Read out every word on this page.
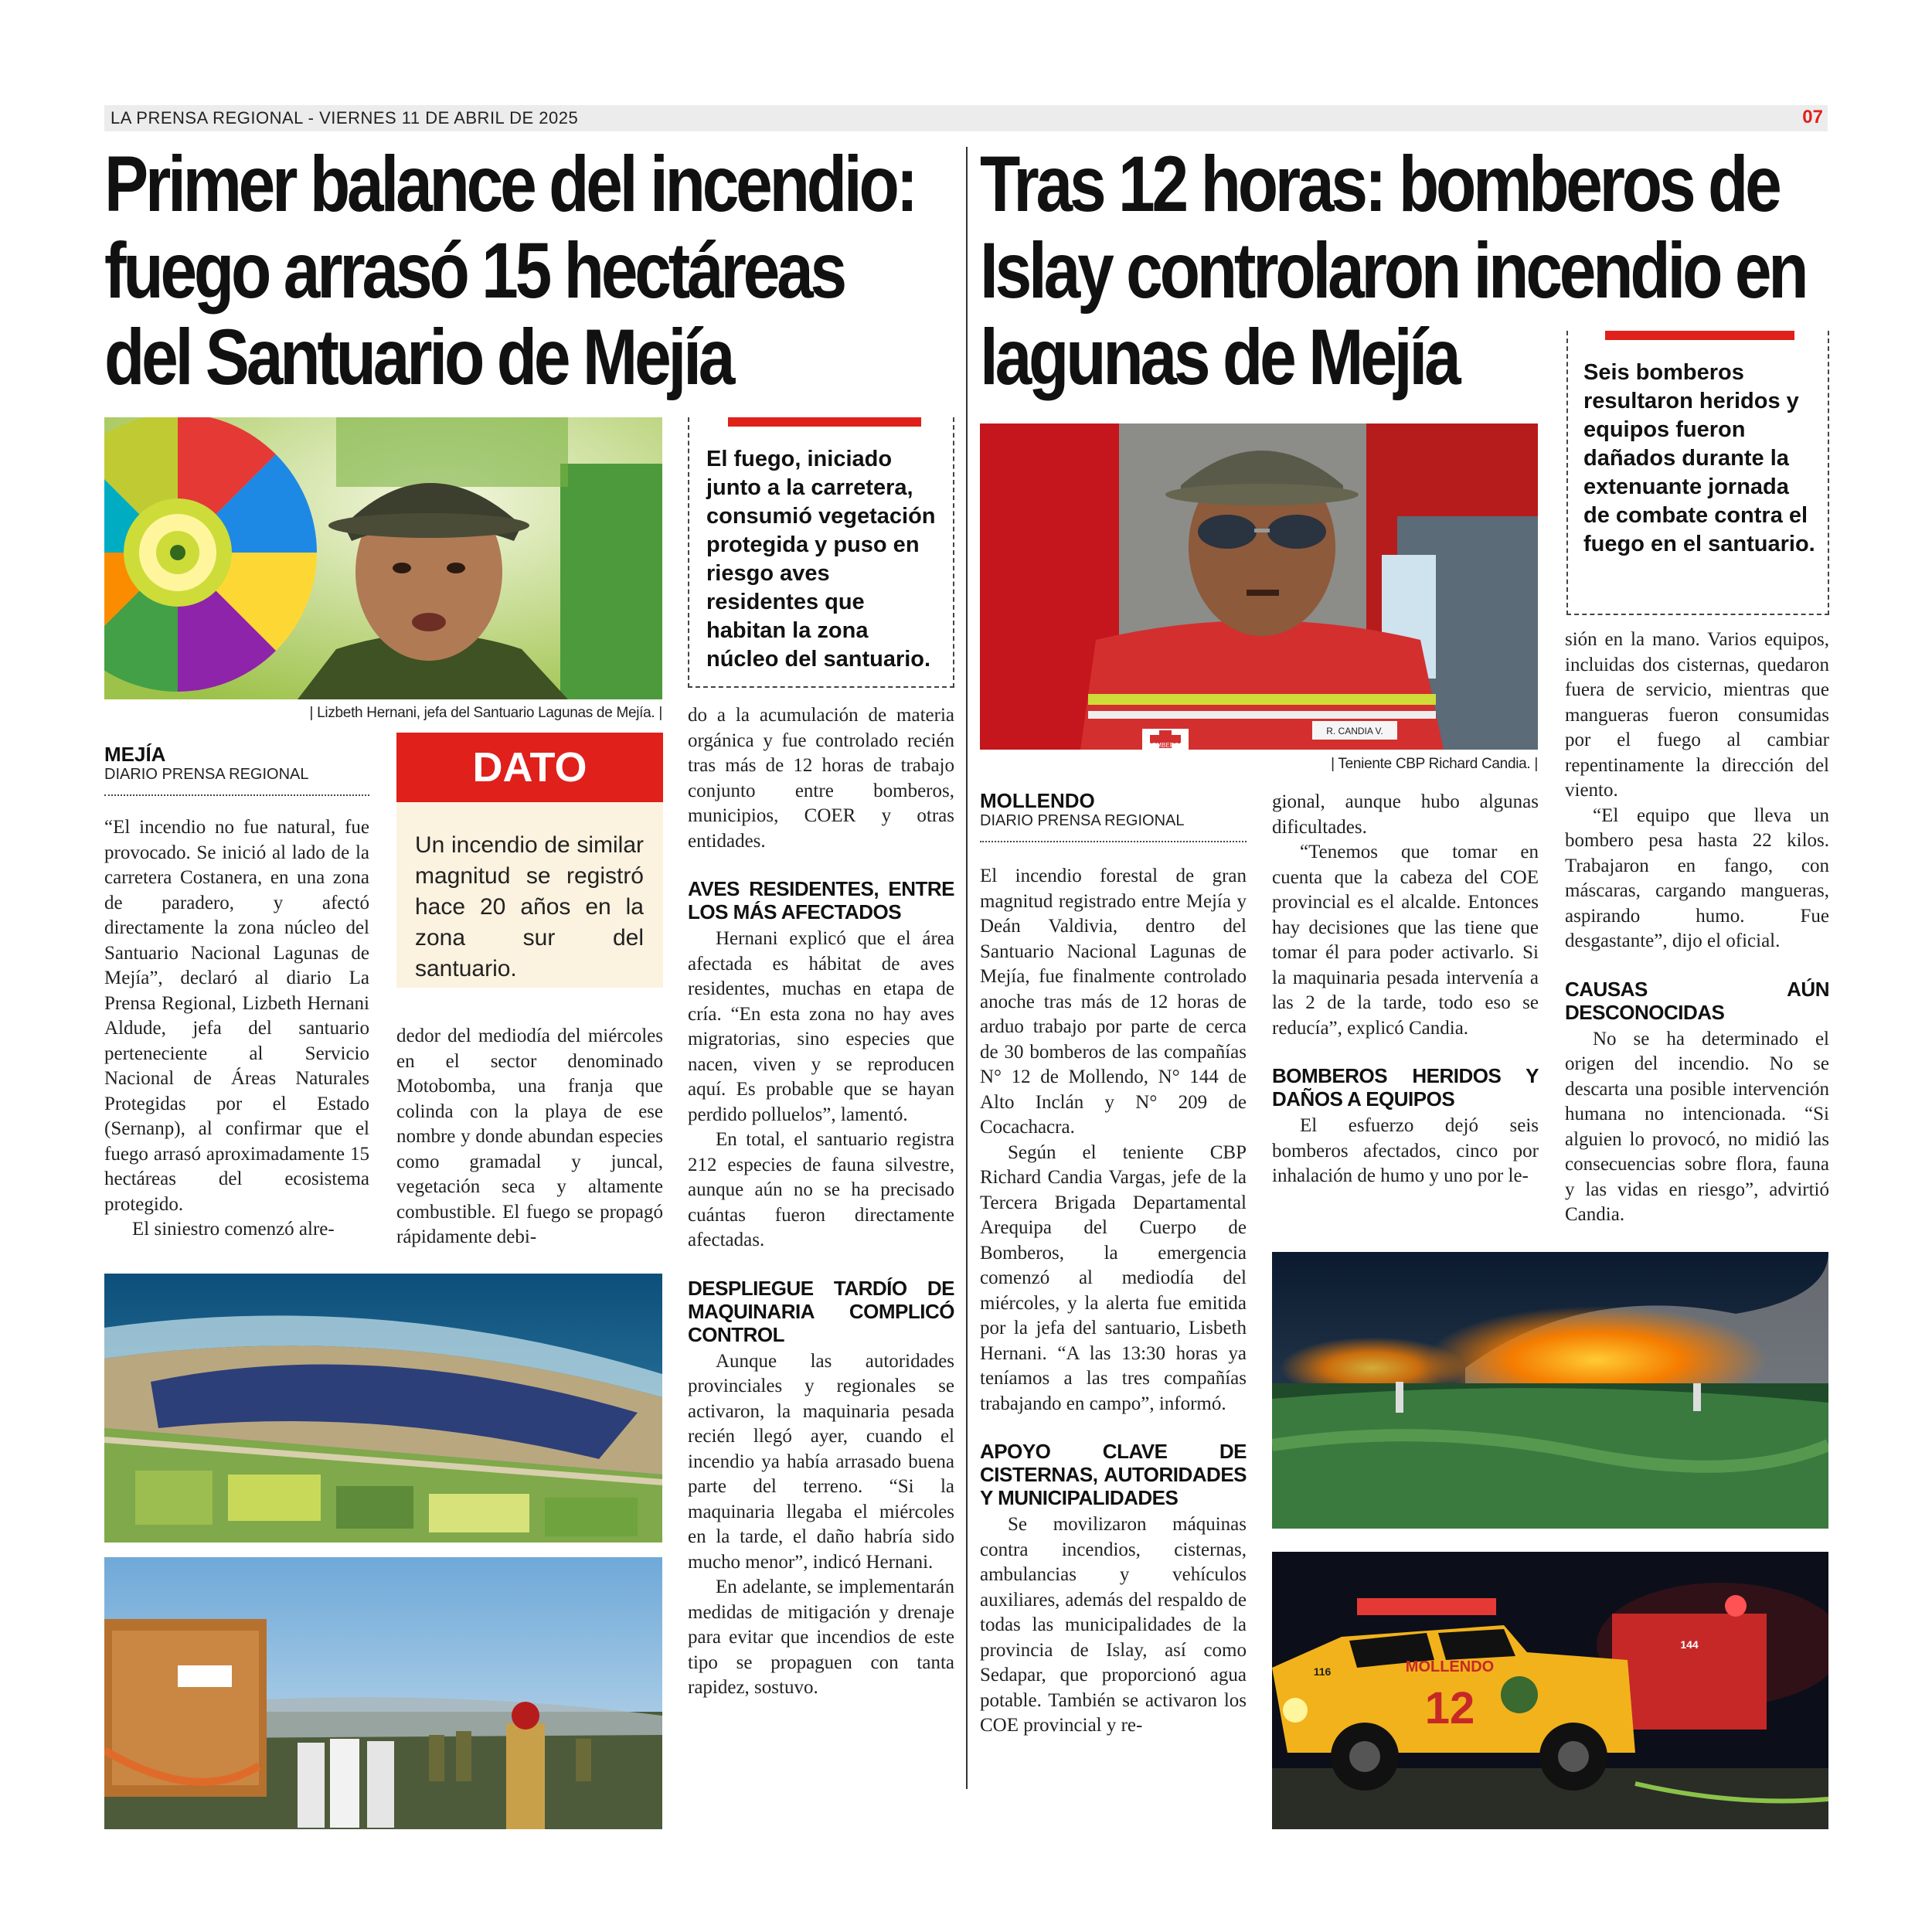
LA PRENSA REGIONAL - VIERNES 11 DE ABRIL DE 2025	07
Primer balance del incendio:
fuego arrasó 15 hectáreas
del Santuario de Mejía
Tras 12 horas: bomberos de
Islay controlaron incendio en
lagunas de Mejía
| Lizbeth Hernani, jefa del Santuario Lagunas de Mejía. |
El fuego, iniciado junto a la carretera, consumió vegetación protegida y puso en riesgo aves residentes que habitan la zona núcleo del santuario.
MEJÍA
DIARIO PRENSA REGIONAL

“El incendio no fue natural, fue provocado. Se inició al lado de la carretera Costanera, en una zona de paradero, y afectó directamente la zona núcleo del Santuario Nacional Lagunas de Mejía”, declaró al diario La Prensa Regional, Lizbeth Hernani Aldude, jefa del santuario perteneciente al Servicio Nacional de Áreas Naturales Protegidas por el Estado (Sernanp), al confirmar que el fuego arrasó aproximadamente 15 hectáreas del ecosistema protegido.

El siniestro comenzó alre-

DATO
Un incendio de similar magnitud se registró hace 20 años en la zona sur del santuario.

dedor del mediodía del miércoles en el sector denominado Motobomba, una franja que colinda con la playa de ese nombre y donde abundan especies como gramadal y juncal, vegetación seca y altamente combustible. El fuego se propagó rápidamente debi-

do a la acumulación de materia orgánica y fue controlado recién tras más de 12 horas de trabajo conjunto entre bomberos, municipios, COER y otras entidades.

AVES RESIDENTES, ENTRE LOS MÁS AFECTADOS

Hernani explicó que el área afectada es hábitat de aves residentes, muchas en etapa de cría. “En esta zona no hay aves migratorias, sino especies que nacen, viven y se reproducen aquí. Es probable que se hayan perdido polluelos”, lamentó.

En total, el santuario registra 212 especies de fauna silvestre, aunque aún no se ha precisado cuántas fueron directamente afectadas.

DESPLIEGUE TARDÍO DE MAQUINARIA COMPLICÓ CONTROL

Aunque las autoridades provinciales y regionales se activaron, la maquinaria pesada recién llegó ayer, cuando el incendio ya había arrasado buena parte del terreno. “Si la maquinaria llegaba el miércoles en la tarde, el daño habría sido mucho menor”, indicó Hernani.

En adelante, se implementarán medidas de mitigación y drenaje para evitar que incendios de este tipo se propaguen con tanta rapidez, sostuvo.

R. CANDIA V.
BOMBEROS
| Teniente CBP Richard Candia. |
Seis bomberos resultaron heridos y equipos fueron dañados durante la extenuante jornada de combate contra el fuego en el santuario.
MOLLENDO
DIARIO PRENSA REGIONAL

El incendio forestal de gran magnitud registrado entre Mejía y Deán Valdivia, dentro del Santuario Nacional Lagunas de Mejía, fue finalmente controlado anoche tras más de 12 horas de arduo trabajo por parte de cerca de 30 bomberos de las compañías N° 12 de Mollendo, N° 144 de Alto Inclán y N° 209 de Cocachacra.

Según el teniente CBP Richard Candia Vargas, jefe de la Tercera Brigada Departamental Arequipa del Cuerpo de Bomberos, la emergencia comenzó al mediodía del miércoles, y la alerta fue emitida por la jefa del santuario, Lisbeth Hernani. “A las 13:30 horas ya teníamos a las tres compañías trabajando en campo”, informó.

APOYO CLAVE DE CISTERNAS, AUTORIDADES Y MUNICIPALIDADES

Se movilizaron máquinas contra incendios, cisternas, ambulancias y vehículos auxiliares, además del respaldo de todas las municipalidades de la provincia de Islay, así como Sedapar, que proporcionó agua potable. También se activaron los COE provincial y re-

gional, aunque hubo algunas dificultades.

“Tenemos que tomar en cuenta que la cabeza del COE provincial es el alcalde. Entonces hay decisiones que las tiene que tomar él para poder activarlo. Si la maquinaria pesada intervenía a las 2 de la tarde, todo eso se reducía”, explicó Candia.

BOMBEROS HERIDOS Y DAÑOS A EQUIPOS

El esfuerzo dejó seis bomberos afectados, cinco por inhalación de humo y uno por le-

sión en la mano. Varios equipos, incluidas dos cisternas, quedaron fuera de servicio, mientras que mangueras fueron consumidas por el fuego al cambiar repentinamente la dirección del viento.

“El equipo que lleva un bombero pesa hasta 22 kilos. Trabajaron en fango, con máscaras, cargando mangueras, aspirando humo. Fue desgastante”, dijo el oficial.

CAUSAS AÚN DESCONOCIDAS

No se ha determinado el origen del incendio. No se descarta una posible intervención humana no intencionada. “Si alguien lo provocó, no midió las consecuencias sobre flora, fauna y las vidas en riesgo”, advirtió Candia.

MOLLENDO
12
116
144
